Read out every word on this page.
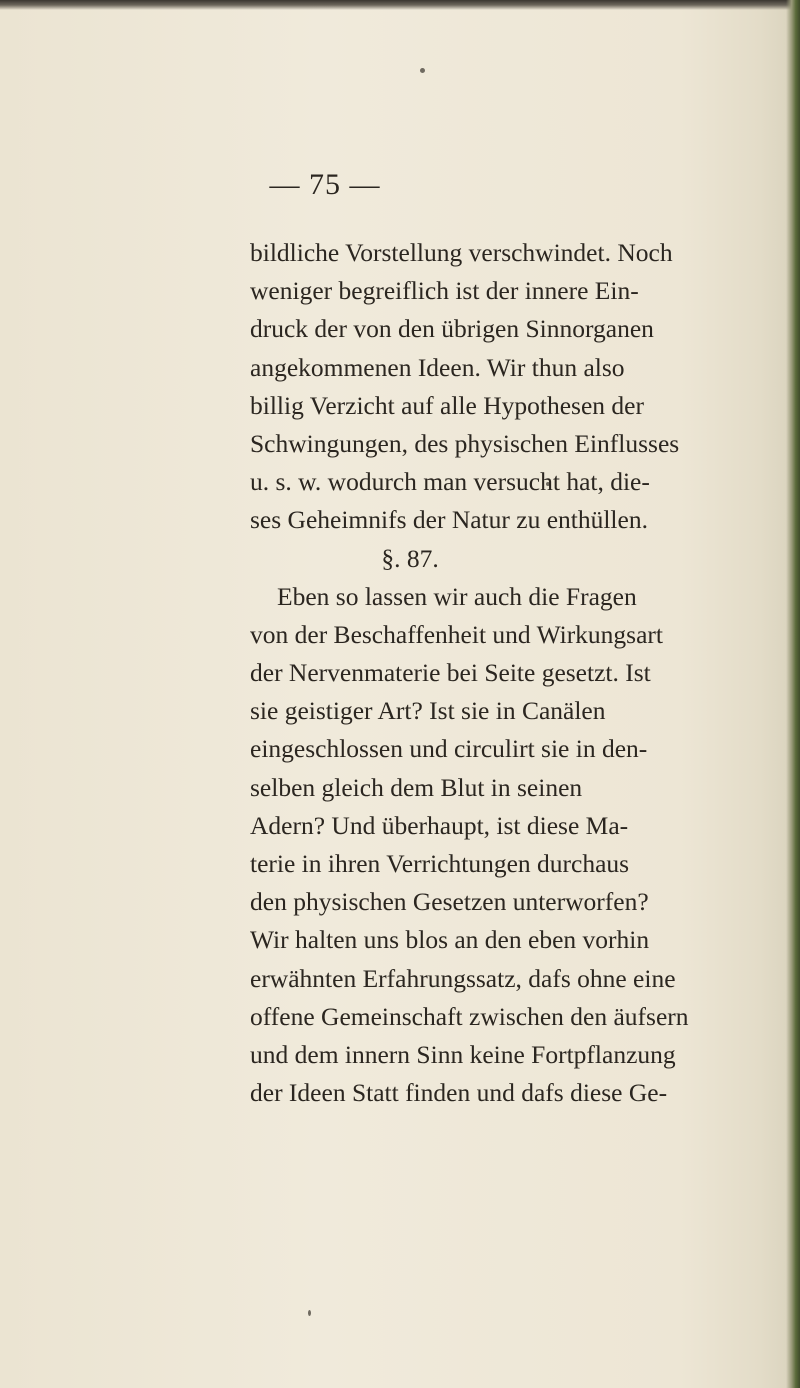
— 75 —
bildliche Vorstellung verschwindet. Noch
weniger begreiflich ist der innere Ein-
druck der von den übrigen Sinnorganen
angekommenen Ideen. Wir thun also
billig Verzicht auf alle Hypothesen der
Schwingungen, des physischen Einflusses
u. s. w. wodurch man versucht hat, die-
ses Geheimnifs der Natur zu enthüllen.
§. 87.
Eben so lassen wir auch die Fragen
von der Beschaffenheit und Wirkungsart
der Nervenmaterie bei Seite gesetzt. Ist
sie geistiger Art? Ist sie in Canälen
eingeschlossen und circulirt sie in den-
selben gleich dem Blut in seinen
Adern? Und überhaupt, ist diese Ma-
terie in ihren Verrichtungen durchaus
den physischen Gesetzen unterworfen?
Wir halten uns blos an den eben vorhin
erwähnten Erfahrungssatz, dafs ohne eine
offene Gemeinschaft zwischen den äufsern
und dem innern Sinn keine Fortpflanzung
der Ideen Statt finden und dafs diese Ge-
